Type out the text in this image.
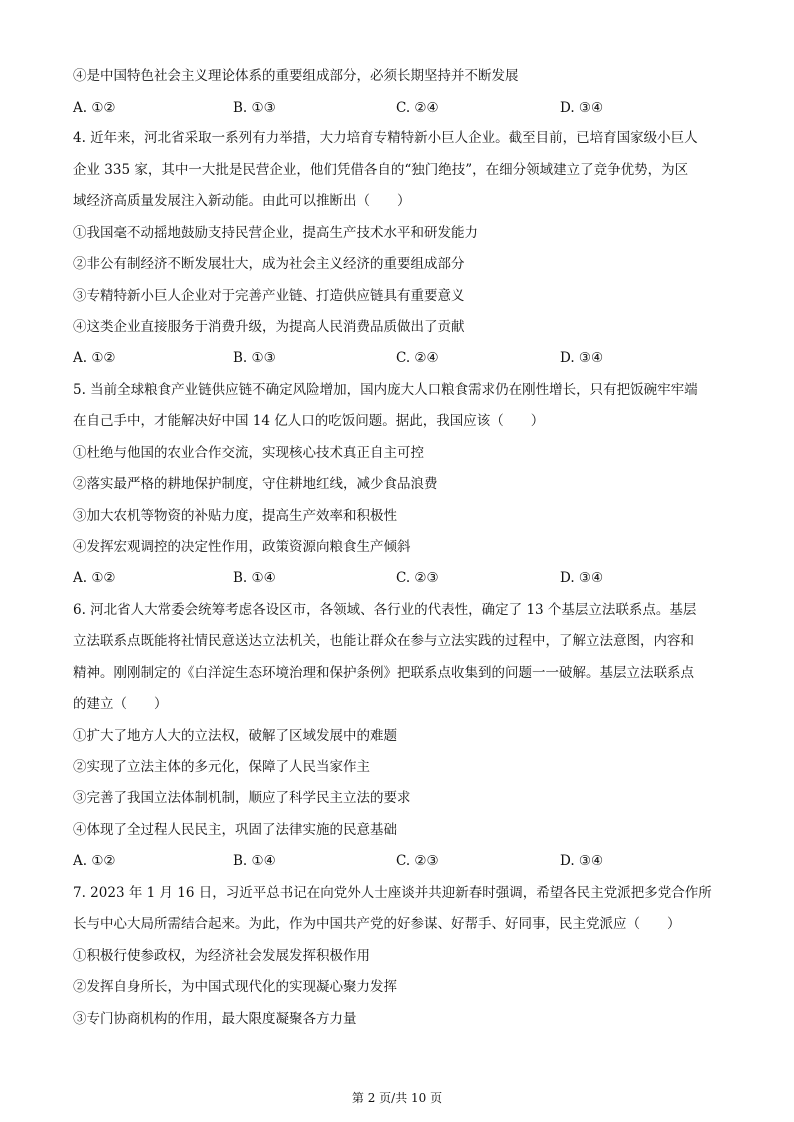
④是中国特色社会主义理论体系的重要组成部分，必须长期坚持并不断发展
A. ①②	B. ①③	C. ②④	D. ③④
4. 近年来，河北省采取一系列有力举措，大力培育专精特新小巨人企业。截至目前，已培育国家级小巨人
企业 335 家，其中一大批是民营企业，他们凭借各自的“独门绝技”，在细分领域建立了竞争优势，为区
域经济高质量发展注入新动能。由此可以推断出（　　）
①我国毫不动摇地鼓励支持民营企业，提高生产技术水平和研发能力
②非公有制经济不断发展壮大，成为社会主义经济的重要组成部分
③专精特新小巨人企业对于完善产业链、打造供应链具有重要意义
④这类企业直接服务于消费升级，为提高人民消费品质做出了贡献
A. ①②	B. ①③	C. ②④	D. ③④
5. 当前全球粮食产业链供应链不确定风险增加，国内庞大人口粮食需求仍在刚性增长，只有把饭碗牢牢端
在自己手中，才能解决好中国 14 亿人口的吃饭问题。据此，我国应该（　　）
①杜绝与他国的农业合作交流，实现核心技术真正自主可控
②落实最严格的耕地保护制度，守住耕地红线，减少食品浪费
③加大农机等物资的补贴力度，提高生产效率和积极性
④发挥宏观调控的决定性作用，政策资源向粮食生产倾斜
A. ①②	B. ①④	C. ②③	D. ③④
6. 河北省人大常委会统筹考虑各设区市，各领域、各行业的代表性，确定了 13 个基层立法联系点。基层
立法联系点既能将社情民意送达立法机关，也能让群众在参与立法实践的过程中，了解立法意图，内容和
精神。刚刚制定的《白洋淀生态环境治理和保护条例》把联系点收集到的问题一一破解。基层立法联系点
的建立（　　）
①扩大了地方人大的立法权，破解了区域发展中的难题
②实现了立法主体的多元化，保障了人民当家作主
③完善了我国立法体制机制，顺应了科学民主立法的要求
④体现了全过程人民民主，巩固了法律实施的民意基础
A. ①②	B. ①④	C. ②③	D. ③④
7. 2023 年 1 月 16 日，习近平总书记在向党外人士座谈并共迎新春时强调，希望各民主党派把多党合作所
长与中心大局所需结合起来。为此，作为中国共产党的好参谋、好帮手、好同事，民主党派应（　　）
①积极行使参政权，为经济社会发展发挥积极作用
②发挥自身所长，为中国式现代化的实现凝心聚力发挥
③专门协商机构的作用，最大限度凝聚各方力量
第 2 页/共 10 页
